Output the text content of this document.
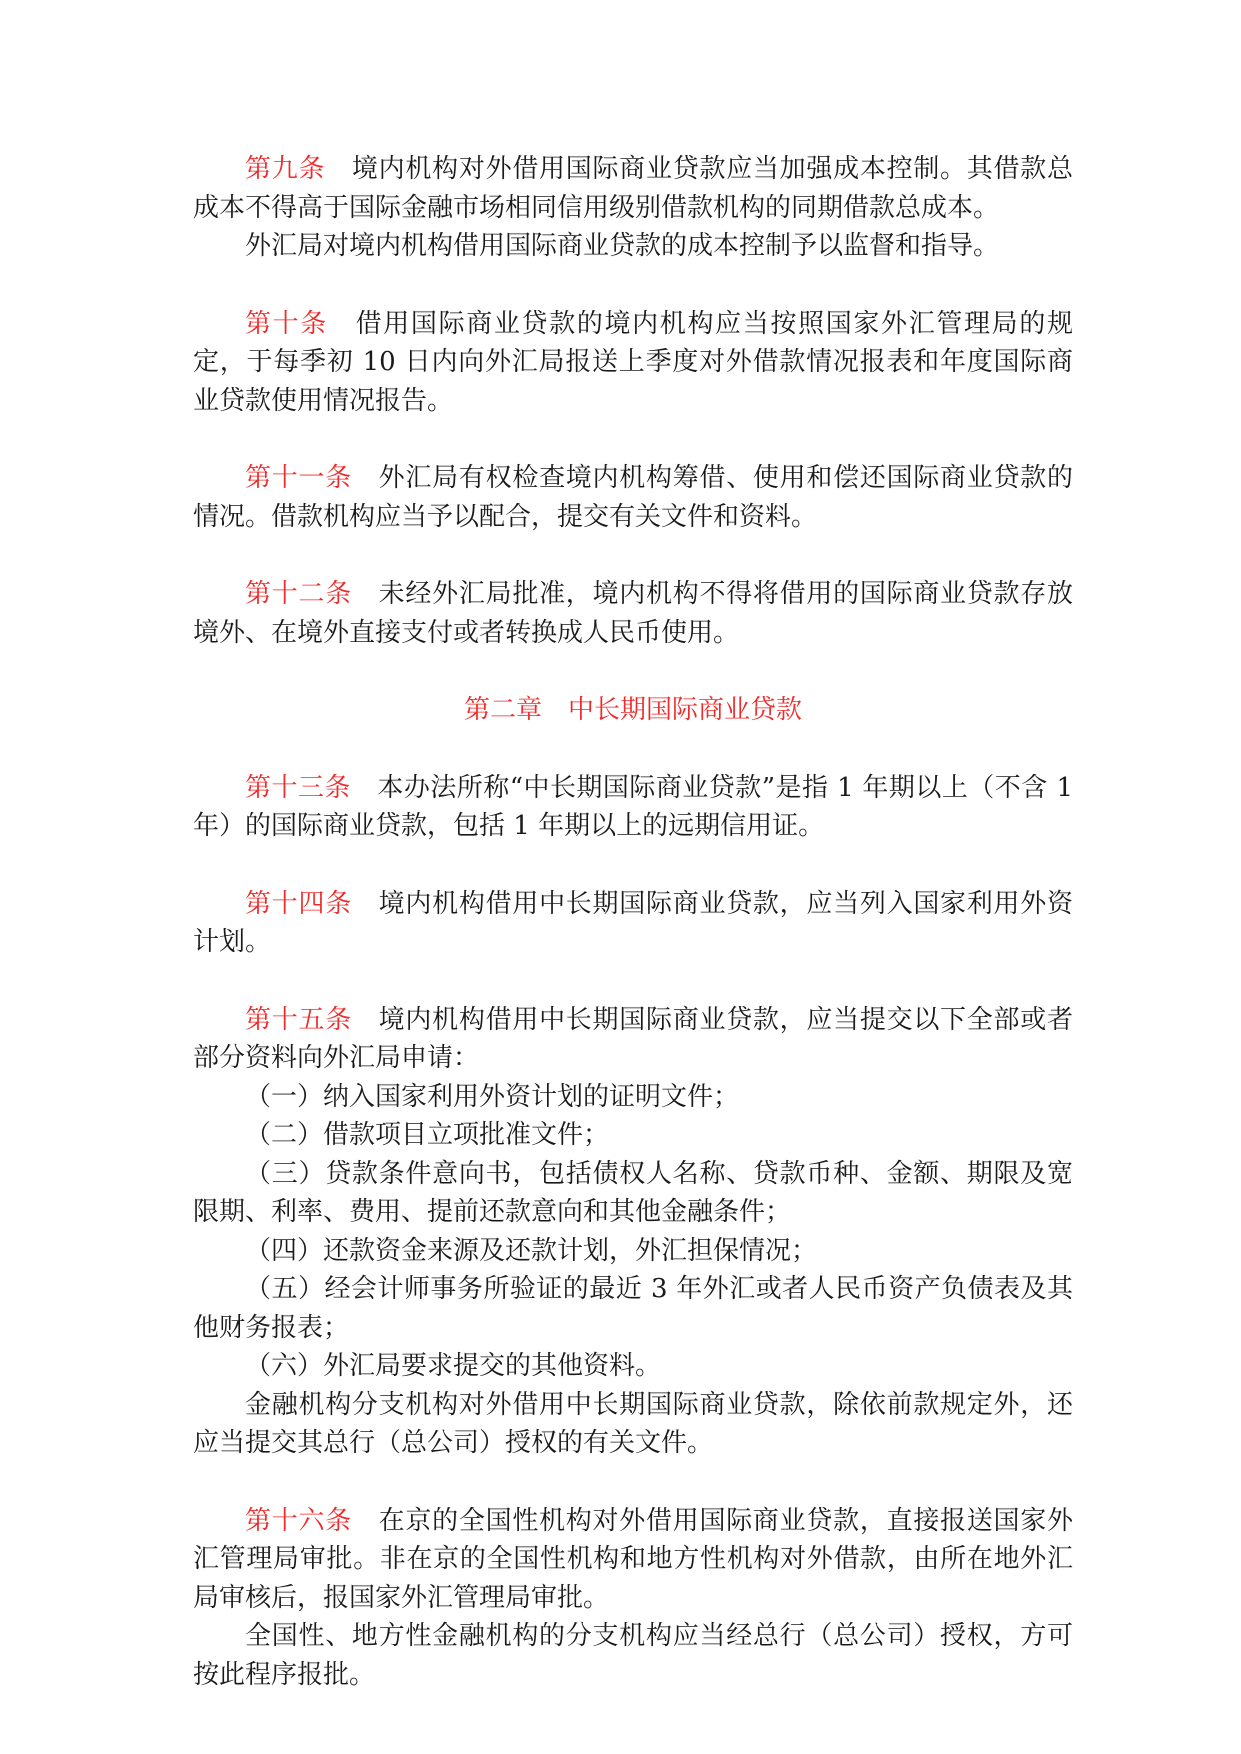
第九条 境内机构对外借用国际商业贷款应当加强成本控制。其借款总成本不得高于国际金融市场相同信用级别借款机构的同期借款总成本。

外汇局对境内机构借用国际商业贷款的成本控制予以监督和指导。

第十条 借用国际商业贷款的境内机构应当按照国家外汇管理局的规定，于每季初 10 日内向外汇局报送上季度对外借款情况报表和年度国际商业贷款使用情况报告。

第十一条 外汇局有权检查境内机构筹借、使用和偿还国际商业贷款的情况。借款机构应当予以配合，提交有关文件和资料。

第十二条 未经外汇局批准，境内机构不得将借用的国际商业贷款存放境外、在境外直接支付或者转换成人民币使用。

第二章 中长期国际商业贷款

第十三条 本办法所称“中长期国际商业贷款”是指 1 年期以上（不含 1 年）的国际商业贷款，包括 1 年期以上的远期信用证。

第十四条 境内机构借用中长期国际商业贷款，应当列入国家利用外资计划。

第十五条 境内机构借用中长期国际商业贷款，应当提交以下全部或者部分资料向外汇局申请：

（一）纳入国家利用外资计划的证明文件；

（二）借款项目立项批准文件；

（三）贷款条件意向书，包括债权人名称、贷款币种、金额、期限及宽限期、利率、费用、提前还款意向和其他金融条件；

（四）还款资金来源及还款计划，外汇担保情况；

（五）经会计师事务所验证的最近 3 年外汇或者人民币资产负债表及其他财务报表；

（六）外汇局要求提交的其他资料。

金融机构分支机构对外借用中长期国际商业贷款，除依前款规定外，还应当提交其总行（总公司）授权的有关文件。

第十六条 在京的全国性机构对外借用国际商业贷款，直接报送国家外汇管理局审批。非在京的全国性机构和地方性机构对外借款，由所在地外汇局审核后，报国家外汇管理局审批。

全国性、地方性金融机构的分支机构应当经总行（总公司）授权，方可按此程序报批。
